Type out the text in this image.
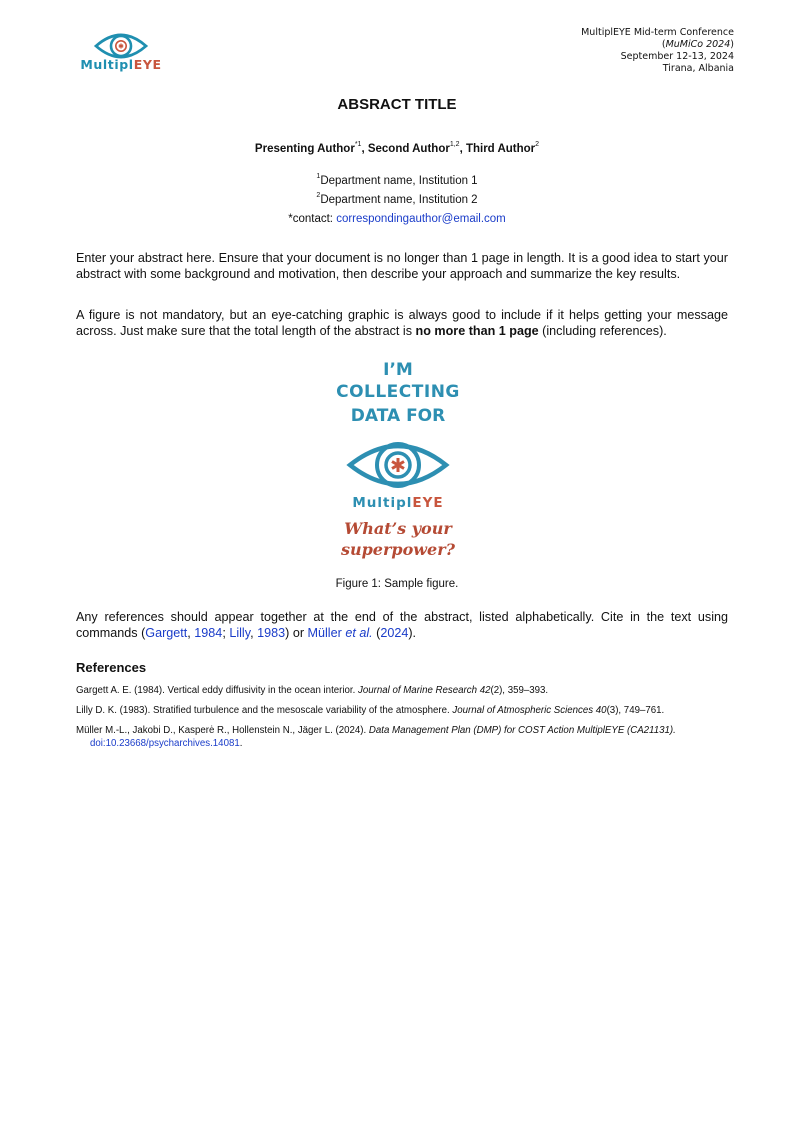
MultiplEYE
MultiplEYE Mid-term Conference
(MuMiCo 2024)
September 12-13, 2024
Tirana, Albania
ABSRACT TITLE
Presenting Author$^{*1}$, Second Author$^{1,2}$, Third Author$^2$
$^1$Department name, Institution 1
$^2$Department name, Institution 2
*contact: correspondingauthor@email.com
Enter your abstract here. Ensure that your document is no longer than 1 page in length. It is a good idea to start your abstract with some background and motivation, then describe your approach and summarize the key results.
A figure is not mandatory, but an eye-catching graphic is always good to include if it helps getting your message across. Just make sure that the total length of the abstract is no more than 1 page (including references).
I’M
COLLECTING
DATA FOR
MultiplEYE
What’s your
superpower?
Figure 1: Sample figure.
Any references should appear together at the end of the abstract, listed alphabetically. Cite in the text using commands (Gargett, 1984; Lilly, 1983) or Müller et al. (2024).
References
Gargett A. E. (1984). Vertical eddy diffusivity in the ocean interior. Journal of Marine Research 42(2), 359–393.
Lilly D. K. (1983). Stratified turbulence and the mesoscale variability of the atmosphere. Journal of Atmospheric Sciences 40(3), 749–761.
Müller M.-L., Jakobi D., Kasperė R., Hollenstein N., Jäger L. (2024). Data Management Plan (DMP) for COST Action MultiplEYE (CA21131).
doi:10.23668/psycharchives.14081.
